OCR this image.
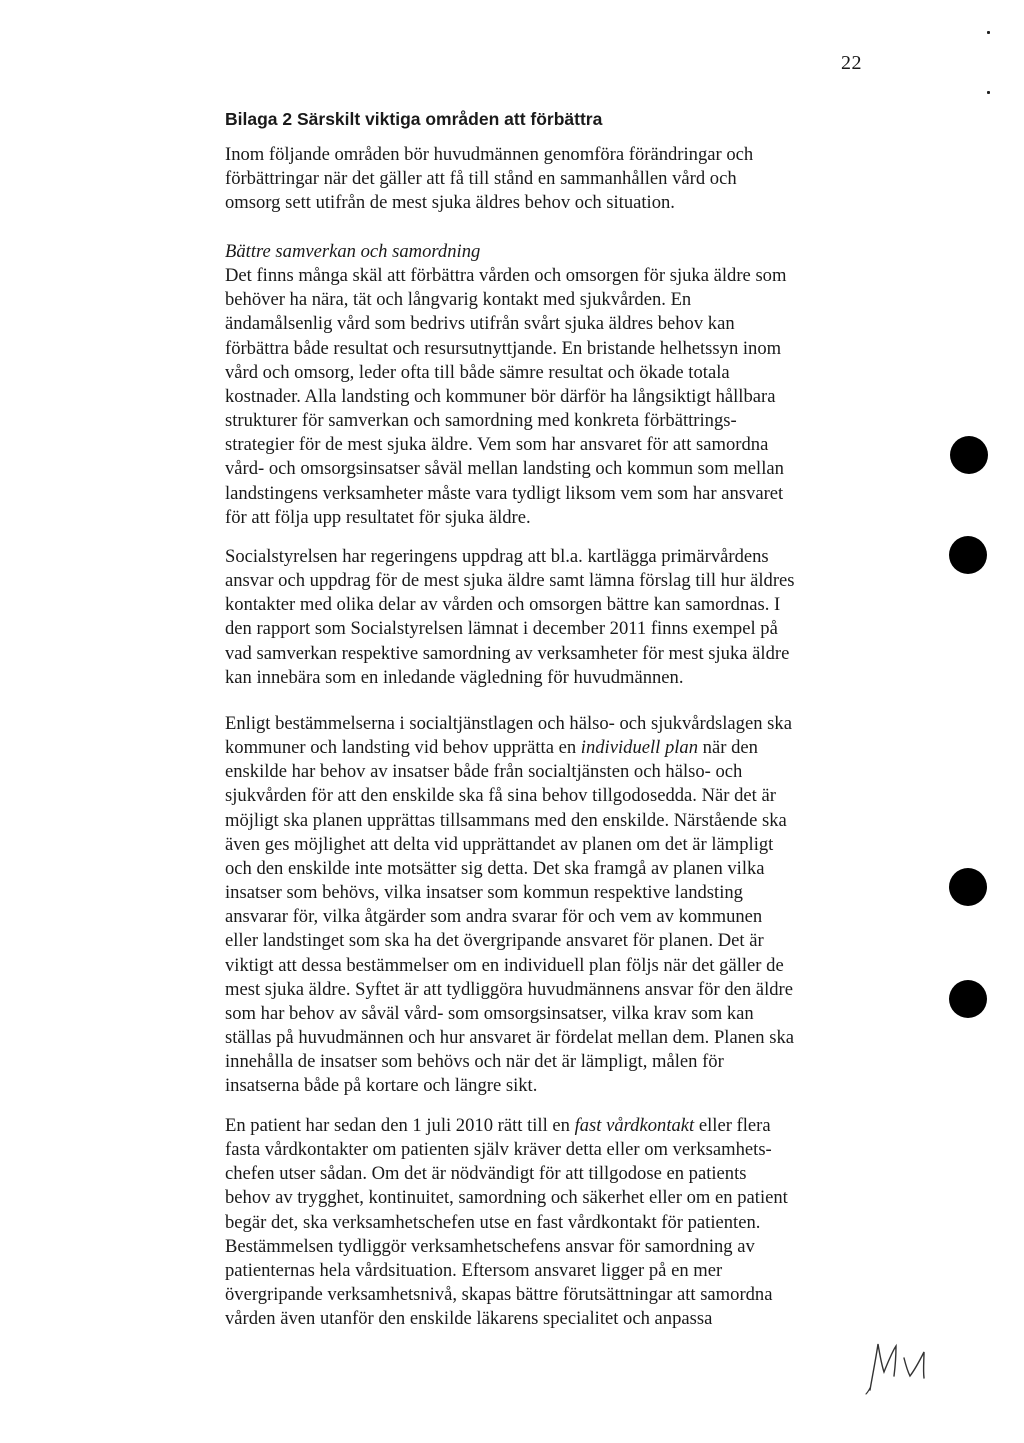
22
Bilaga 2 Särskilt viktiga områden att förbättra

Inom följande områden bör huvudmännen genomföra förändringar och
förbättringar när det gäller att få till stånd en sammanhållen vård och
omsorg sett utifrån de mest sjuka äldres behov och situation.

Bättre samverkan och samordning
Det finns många skäl att förbättra vården och omsorgen för sjuka äldre som
behöver ha nära, tät och långvarig kontakt med sjukvården. En
ändamålsenlig vård som bedrivs utifrån svårt sjuka äldres behov kan
förbättra både resultat och resursutnyttjande. En bristande helhetssyn inom
vård och omsorg, leder ofta till både sämre resultat och ökade totala
kostnader. Alla landsting och kommuner bör därför ha långsiktigt hållbara
strukturer för samverkan och samordning med konkreta förbättrings-
strategier för de mest sjuka äldre. Vem som har ansvaret för att samordna
vård- och omsorgsinsatser såväl mellan landsting och kommun som mellan
landstingens verksamheter måste vara tydligt liksom vem som har ansvaret
för att följa upp resultatet för sjuka äldre.

Socialstyrelsen har regeringens uppdrag att bl.a. kartlägga primärvårdens
ansvar och uppdrag för de mest sjuka äldre samt lämna förslag till hur äldres
kontakter med olika delar av vården och omsorgen bättre kan samordnas. I
den rapport som Socialstyrelsen lämnat i december 2011 finns exempel på
vad samverkan respektive samordning av verksamheter för mest sjuka äldre
kan innebära som en inledande vägledning för huvudmännen.

Enligt bestämmelserna i socialtjänstlagen och hälso- och sjukvårdslagen ska
kommuner och landsting vid behov upprätta en individuell plan när den
enskilde har behov av insatser både från socialtjänsten och hälso- och
sjukvården för att den enskilde ska få sina behov tillgodosedda. När det är
möjligt ska planen upprättas tillsammans med den enskilde. Närstående ska
även ges möjlighet att delta vid upprättandet av planen om det är lämpligt
och den enskilde inte motsätter sig detta. Det ska framgå av planen vilka
insatser som behövs, vilka insatser som kommun respektive landsting
ansvarar för, vilka åtgärder som andra svarar för och vem av kommunen
eller landstinget som ska ha det övergripande ansvaret för planen. Det är
viktigt att dessa bestämmelser om en individuell plan följs när det gäller de
mest sjuka äldre. Syftet är att tydliggöra huvudmännens ansvar för den äldre
som har behov av såväl vård- som omsorgsinsatser, vilka krav som kan
ställas på huvudmännen och hur ansvaret är fördelat mellan dem. Planen ska
innehålla de insatser som behövs och när det är lämpligt, målen för
insatserna både på kortare och längre sikt.

En patient har sedan den 1 juli 2010 rätt till en fast vårdkontakt eller flera
fasta vårdkontakter om patienten själv kräver detta eller om verksamhets-
chefen utser sådan. Om det är nödvändigt för att tillgodose en patients
behov av trygghet, kontinuitet, samordning och säkerhet eller om en patient
begär det, ska verksamhetschefen utse en fast vårdkontakt för patienten.
Bestämmelsen tydliggör verksamhetschefens ansvar för samordning av
patienternas hela vårdsituation. Eftersom ansvaret ligger på en mer
övergripande verksamhetsnivå, skapas bättre förutsättningar att samordna
vården även utanför den enskilde läkarens specialitet och anpassa
